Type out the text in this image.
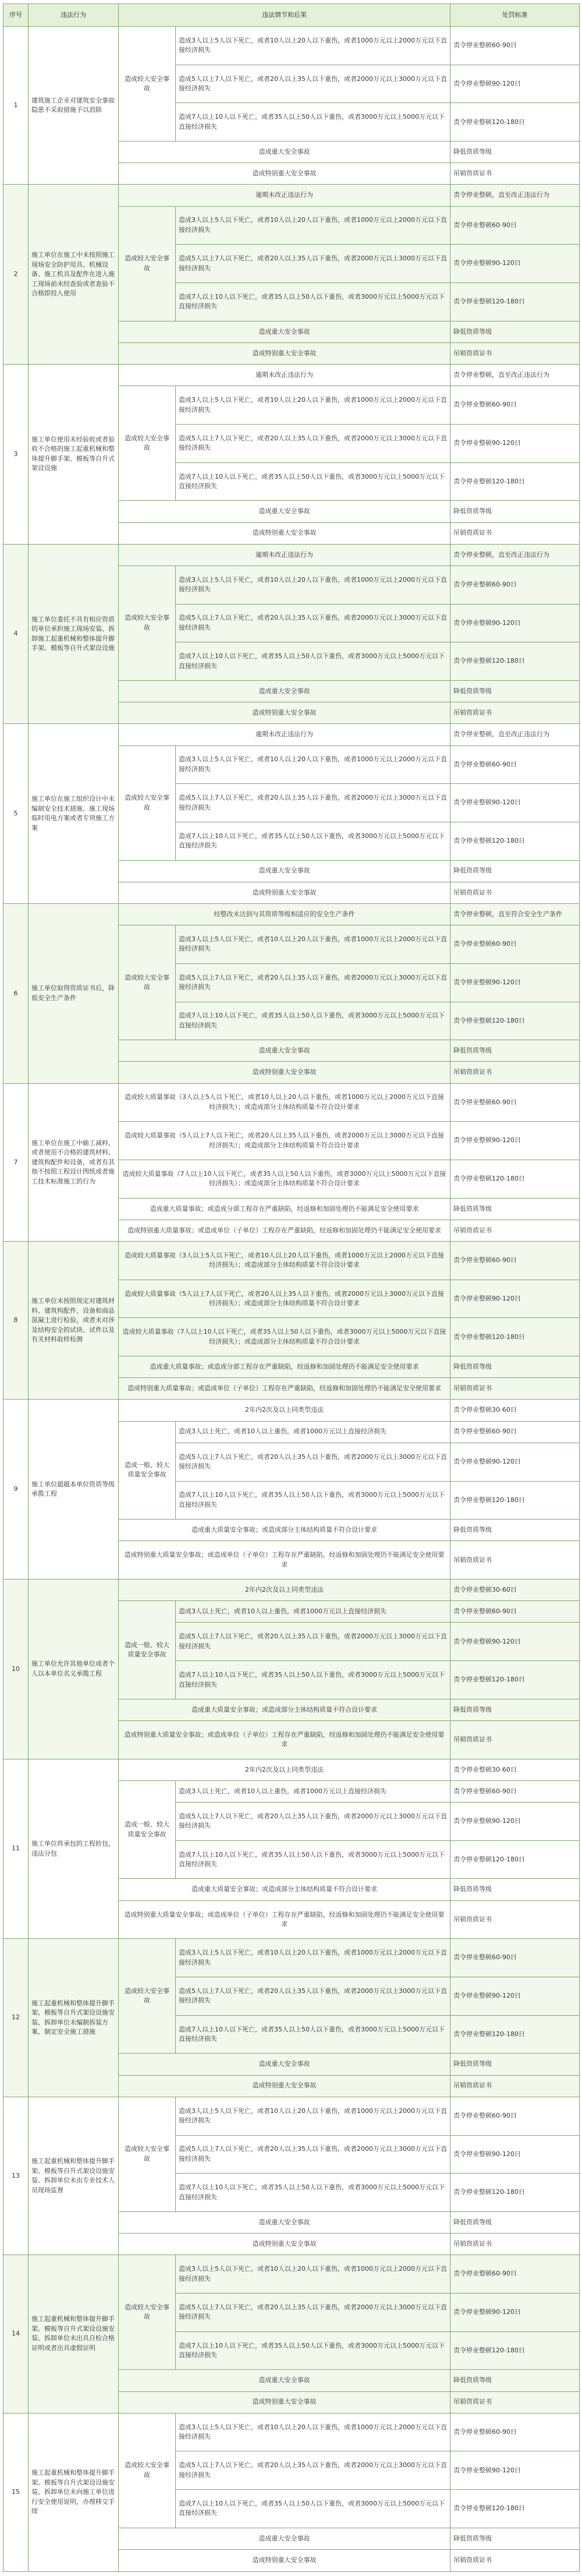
序号	违法行为	违法情节和后果		处罚标准
1	建筑施工企业对建筑安全事故隐患不采取措施予以消除	造成较大安全事故	造成3人以上5人以下死亡，或者10人以上20人以下重伤，或者1000万元以上2000万元以下直接经济损失	责令停业整顿60-90日
			造成5人以上7人以下死亡，或者20人以上35人以下重伤，或者2000万元以上3000万元以下直接经济损失	责令停业整顿90-120日
			造成7人以上10人以下死亡，或者35人以上50人以下重伤，或者3000万元以上5000万元以下直接经济损失	责令停业整顿120-180日
		造成重大安全事故		降低资质等级
		造成特别重大安全事故		吊销资质证书
2	施工单位在施工中未按照施工现场安全防护用具、机械设备、施工机具及配件在进入施工现场前未经查验或者查验不合格即投入使用	逾期未改正违法行为		责令停业整顿，直至改正违法行为
		造成较大安全事故	造成3人以上5人以下死亡，或者10人以上20人以下重伤，或者1000万元以上2000万元以下直接经济损失	责令停业整顿60-90日
			造成5人以上7人以下死亡，或者20人以上35人以下重伤，或者2000万元以上3000万元以下直接经济损失	责令停业整顿90-120日
			造成7人以上10人以下死亡，或者35人以上50人以下重伤，或者3000万元以上5000万元以下直接经济损失	责令停业整顿120-180日
		造成重大安全事故		降低资质等级
		造成特别重大安全事故		吊销资质证书
3	施工单位使用未经验收或者验收不合格的施工起重机械和整体提升脚手架、模板等自升式架设设施	逾期未改正违法行为		责令停业整顿，直至改正违法行为
		造成较大安全事故	造成3人以上5人以下死亡，或者10人以上20人以下重伤，或者1000万元以上2000万元以下直接经济损失	责令停业整顿60-90日
			造成5人以上7人以下死亡，或者20人以上35人以下重伤，或者2000万元以上3000万元以下直接经济损失	责令停业整顿90-120日
			造成7人以上10人以下死亡，或者35人以上50人以下重伤，或者3000万元以上5000万元以下直接经济损失	责令停业整顿120-180日
		造成重大安全事故		降低资质等级
		造成特别重大安全事故		吊销资质证书
4	施工单位委托不具有相应资质的单位承担施工现场安装、拆卸施工起重机械和整体提升脚手架、模板等自升式架设设施	逾期未改正违法行为		责令停业整顿，直至改正违法行为
		造成较大安全事故	造成3人以上5人以下死亡，或者10人以上20人以下重伤，或者1000万元以上2000万元以下直接经济损失	责令停业整顿60-90日
			造成5人以上7人以下死亡，或者20人以上35人以下重伤，或者2000万元以上3000万元以下直接经济损失	责令停业整顿90-120日
			造成7人以上10人以下死亡，或者35人以上50人以下重伤，或者3000万元以上5000万元以下直接经济损失	责令停业整顿120-180日
		造成重大安全事故		降低资质等级
		造成特别重大安全事故		吊销资质证书
5	施工单位在施工组织设计中未编制安全技术措施、施工现场临时用电方案或者专项施工方案	逾期未改正违法行为		责令停业整顿，直至改正违法行为
		造成较大安全事故	造成3人以上5人以下死亡，或者10人以上20人以下重伤，或者1000万元以上2000万元以下直接经济损失	责令停业整顿60-90日
			造成5人以上7人以下死亡，或者20人以上35人以下重伤，或者2000万元以上3000万元以下直接经济损失	责令停业整顿90-120日
			造成7人以上10人以下死亡，或者35人以上50人以下重伤，或者3000万元以上5000万元以下直接经济损失	责令停业整顿120-180日
		造成重大安全事故		降低资质等级
		造成特别重大安全事故		吊销资质证书
6	施工单位取得资质证书后，降低安全生产条件	经整改未达到与其资质等级相适应的安全生产条件		责令停业整顿，直至符合安全生产条件
		造成较大安全事故	造成3人以上5人以下死亡，或者10人以上20人以下重伤，或者1000万元以上2000万元以下直接经济损失	责令停业整顿60-90日
			造成5人以上7人以下死亡，或者20人以上35人以下重伤，或者2000万元以上3000万元以下直接经济损失	责令停业整顿90-120日
			造成7人以上10人以下死亡，或者35人以上50人以下重伤，或者3000万元以上5000万元以下直接经济损失	责令停业整顿120-180日
		造成重大安全事故		降低资质等级
		造成特别重大安全事故		吊销资质证书
7	施工单位在施工中偷工减料，或者使用不合格的建筑材料、建筑构配件和设备，或者有其他不按照工程设计图纸或者施工技术标准施工的行为	造成较大质量事故（3人以上5人以下死亡，或者10人以上20人以下重伤，或者1000万元以上2000万元以下直接经济损失）；或造成部分主体结构质量不符合设计要求		责令停业整顿60-90日
		造成较大质量事故（5人以上7人以下死亡，或者20人以上35人以下重伤，或者2000万元以上3000万元以下直接经济损失）；或造成部分主体结构质量不符合设计要求		责令停业整顿90-120日
		造成较大质量事故（7人以上10人以下死亡，或者35人以上50人以下重伤，或者3000万元以上5000万元以下直接经济损失）；或造成部分主体结构质量不符合设计要求		责令停业整顿120-180日
		造成重大质量事故；或造成分部工程存在严重缺陷，经返修和加固处理仍不能满足安全使用要求		降低资质等级
		造成特别重大质量事故；或造成单位（子单位）工程存在严重缺陷，经返修和加固处理仍不能满足安全使用要求		吊销资质证书
8	施工单位未按照规定对建筑材料、建筑构配件、设备和商品混凝土进行检验，或者未对涉及结构安全的试块、试件以及有关材料取样检测	造成较大质量事故（3人以上5人以下死亡，或者10人以上20人以下重伤，或者1000万元以上2000万元以下直接经济损失）；或造成部分主体结构质量不符合设计要求		责令停业整顿60-90日
		造成较大质量事故（5人以上7人以下死亡，或者20人以上35人以下重伤，或者2000万元以上3000万元以下直接经济损失）；或造成部分主体结构质量不符合设计要求		责令停业整顿90-120日
		造成较大质量事故（7人以上10人以下死亡，或者35人以上50人以下重伤，或者3000万元以上5000万元以下直接经济损失）；或造成部分主体结构质量不符合设计要求		责令停业整顿120-180日
		造成重大质量事故；或造成分部工程存在严重缺陷，经返修和加固处理仍不能满足安全使用要求		降低资质等级
		造成特别重大质量事故；或造成单位（子单位）工程存在严重缺陷，经返修和加固处理仍不能满足安全使用要求		吊销资质证书
9	施工单位超越本单位资质等级承揽工程	2年内2次及以上同类型违法		责令停业整顿30-60日
		造成一般、较大质量安全事故	造成3人以上死亡，或者10人以上重伤，或者1000万元以上直接经济损失	责令停业整顿60-90日
			造成5人以上7人以下死亡，或者20人以上35人以下重伤，或者2000万元以上3000万元以下直接经济损失	责令停业整顿90-120日
			造成7人以上10人以下死亡，或者35人以上50人以下重伤，或者3000万元以上5000万元以下直接经济损失	责令停业整顿120-180日
		造成重大质量安全事故；或造成部分主体结构质量不符合设计要求		降低资质等级
		造成特别重大质量安全事故；或造成单位（子单位）工程存在严重缺陷，经返修和加固处理仍不能满足安全使用要求		吊销资质证书
10	施工单位允许其他单位或者个人以本单位名义承揽工程	2年内2次及以上同类型违法		责令停业整顿30-60日
		造成一般、较大质量安全事故	造成3人以上死亡，或者10人以上重伤，或者1000万元以上直接经济损失	责令停业整顿60-90日
			造成5人以上7人以下死亡，或者20人以上35人以下重伤，或者2000万元以上3000万元以下直接经济损失	责令停业整顿90-120日
			造成7人以上10人以下死亡，或者35人以上50人以下重伤，或者3000万元以上5000万元以下直接经济损失	责令停业整顿120-180日
		造成重大质量安全事故；或造成部分主体结构质量不符合设计要求		降低资质等级
		造成特别重大质量安全事故；或造成单位（子单位）工程存在严重缺陷，经返修和加固处理仍不能满足安全使用要求		吊销资质证书
11	施工单位将承包的工程转包，违法分包	2年内2次及以上同类型违法		责令停业整顿30-60日
		造成一般、较大质量安全事故	造成3人以上死亡，或者10人以上重伤，或者1000万元以上直接经济损失	责令停业整顿60-90日
			造成5人以上7人以下死亡，或者20人以上35人以下重伤，或者2000万元以上3000万元以下直接经济损失	责令停业整顿90-120日
			造成7人以上10人以下死亡，或者35人以上50人以下重伤，或者3000万元以上5000万元以下直接经济损失	责令停业整顿120-180日
		造成重大质量安全事故；或造成部分主体结构质量不符合设计要求		降低资质等级
		造成特别重大质量安全事故；或造成单位（子单位）工程存在严重缺陷，经返修和加固处理仍不能满足安全使用要求		吊销资质证书
12	施工起重机械和整体提升脚手架、模板等自升式架设设施安装、拆卸单位未编制拆装方案、制定安全施工措施	造成较大安全事故	造成3人以上5人以下死亡，或者10人以上20人以下重伤，或者1000万元以上2000万元以下直接经济损失	责令停业整顿60-90日
			造成5人以上7人以下死亡，或者20人以上35人以下重伤，或者2000万元以上3000万元以下直接经济损失	责令停业整顿90-120日
			造成7人以上10人以下死亡，或者35人以上50人以下重伤，或者3000万元以上5000万元以下直接经济损失	责令停业整顿120-180日
		造成重大安全事故		降低资质等级
		造成特别重大安全事故		吊销资质证书
13	施工起重机械和整体提升脚手架、模板等自升式架设设施安装、拆卸单位未由专业技术人员现场监督	造成较大安全事故	造成3人以上5人以下死亡，或者10人以上20人以下重伤，或者1000万元以上2000万元以下直接经济损失	责令停业整顿60-90日
			造成5人以上7人以下死亡，或者20人以上35人以下重伤，或者2000万元以上3000万元以下直接经济损失	责令停业整顿90-120日
			造成7人以上10人以下死亡，或者35人以上50人以下重伤，或者3000万元以上5000万元以下直接经济损失	责令停业整顿120-180日
		造成重大安全事故		降低资质等级
		造成特别重大安全事故		吊销资质证书
14	施工起重机械和整体提升脚手架、模板等自升式架设设施安装、拆卸单位未出具自检合格证明或者出具虚假证明	造成较大安全事故	造成3人以上5人以下死亡，或者10人以上20人以下重伤，或者1000万元以上2000万元以下直接经济损失	责令停业整顿60-90日
			造成5人以上7人以下死亡，或者20人以上35人以下重伤，或者2000万元以上3000万元以下直接经济损失	责令停业整顿90-120日
			造成7人以上10人以下死亡，或者35人以上50人以下重伤，或者3000万元以上5000万元以下直接经济损失	责令停业整顿120-180日
		造成重大安全事故		降低资质等级
		造成特别重大安全事故		吊销资质证书
15	施工起重机械和整体提升脚手架、模板等自升式架设设施安装、拆卸单位未向施工单位进行安全使用说明，办理移交手续	造成较大安全事故	造成3人以上5人以下死亡，或者10人以上20人以下重伤，或者1000万元以上2000万元以下直接经济损失	责令停业整顿60-90日
			造成5人以上7人以下死亡，或者20人以上35人以下重伤，或者2000万元以上3000万元以下直接经济损失	责令停业整顿90-120日
			造成7人以上10人以下死亡，或者35人以上50人以下重伤，或者3000万元以上5000万元以下直接经济损失	责令停业整顿120-180日
		造成重大安全事故		降低资质等级
		造成特别重大安全事故		吊销资质证书
